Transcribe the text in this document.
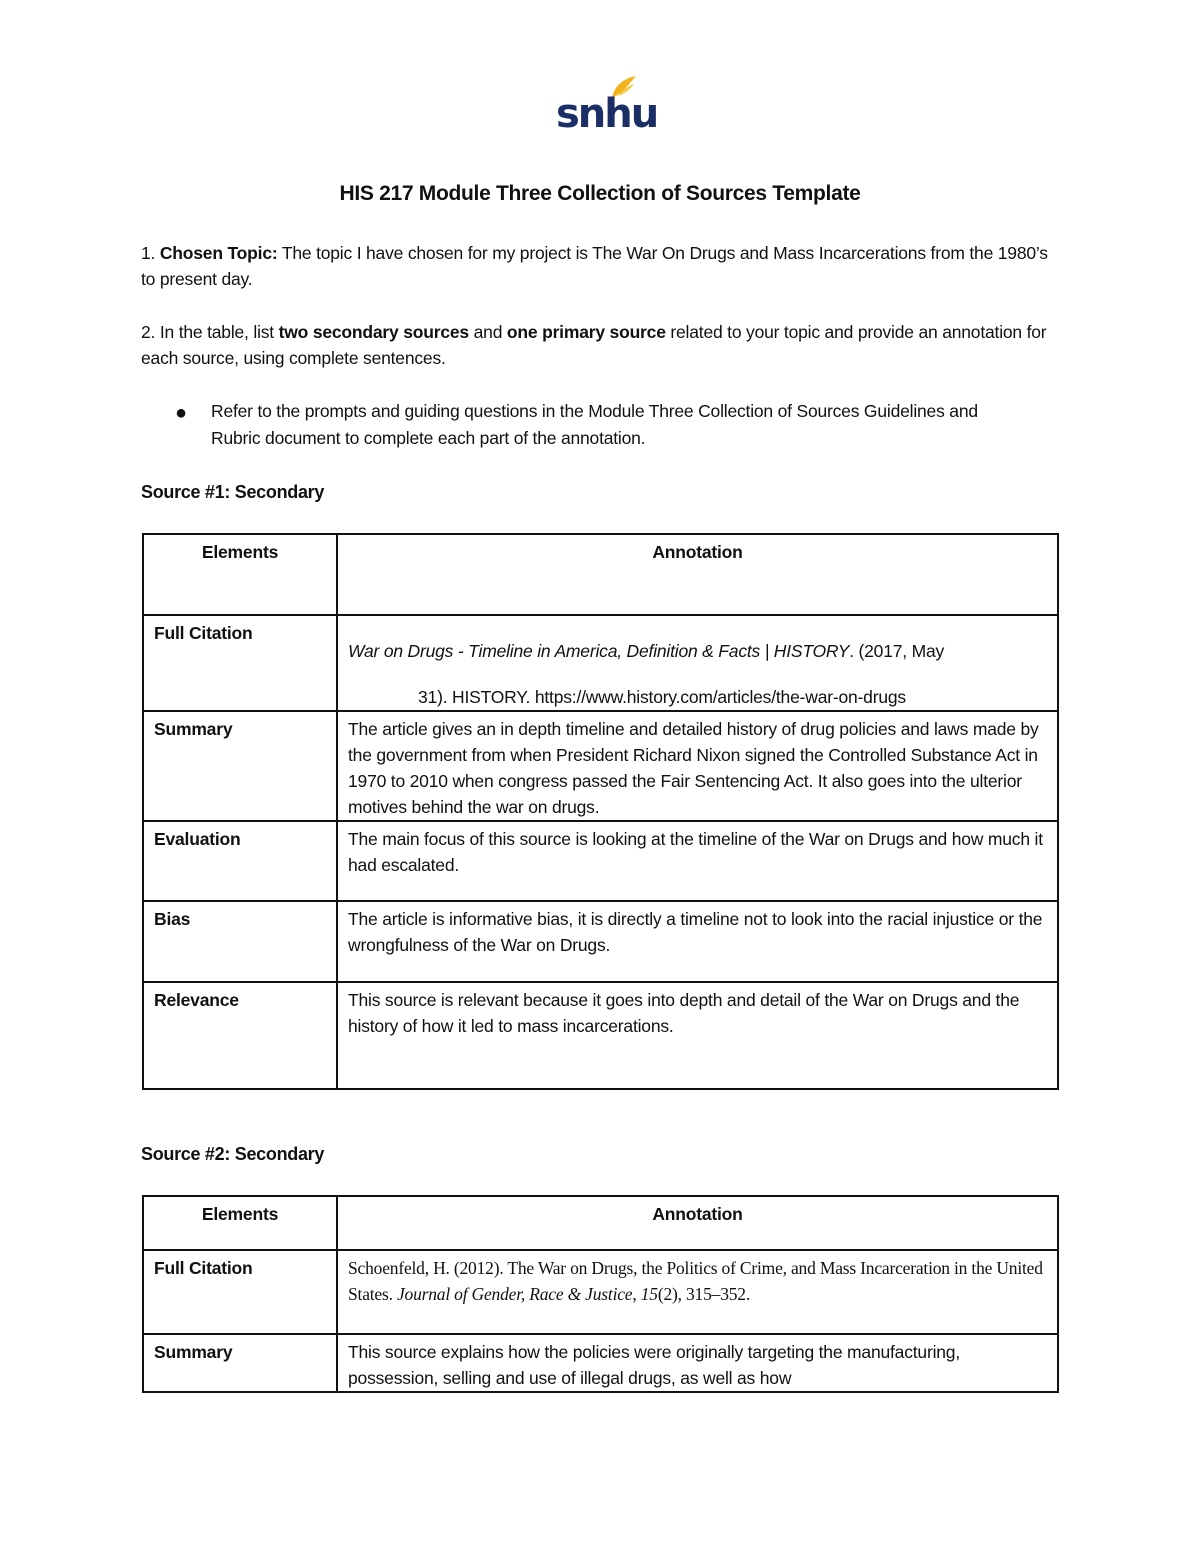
snhu
HIS 217 Module Three Collection of Sources Template
1. Chosen Topic: The topic I have chosen for my project is The War On Drugs and Mass Incarcerations from the 1980’s to present day.
2. In the table, list two secondary sources and one primary source related to your topic and provide an annotation for each source, using complete sentences.
● Refer to the prompts and guiding questions in the Module Three Collection of Sources Guidelines and Rubric document to complete each part of the annotation.
Source #1: Secondary
Elements	Annotation
Full Citation	War on Drugs - Timeline in America, Definition & Facts | HISTORY. (2017, May
31). HISTORY. https://www.history.com/articles/the-war-on-drugs

Summary	The article gives an in depth timeline and detailed history of drug policies and laws made by the government from when President Richard Nixon signed the Controlled Substance Act in 1970 to 2010 when congress passed the Fair Sentencing Act. It also goes into the ulterior motives behind the war on drugs.
Evaluation	The main focus of this source is looking at the timeline of the War on Drugs and how much it had escalated.
Bias	The article is informative bias, it is directly a timeline not to look into the racial injustice or the wrongfulness of the War on Drugs.
Relevance	This source is relevant because it goes into depth and detail of the War on Drugs and the history of how it led to mass incarcerations.
Source #2: Secondary
Elements	Annotation
Full Citation	Schoenfeld, H. (2012). The War on Drugs, the Politics of Crime, and Mass Incarceration in the United States. Journal of Gender, Race & Justice, 15(2), 315–352.
Summary	This source explains how the policies were originally targeting the manufacturing, possession, selling and use of illegal drugs, as well as how
